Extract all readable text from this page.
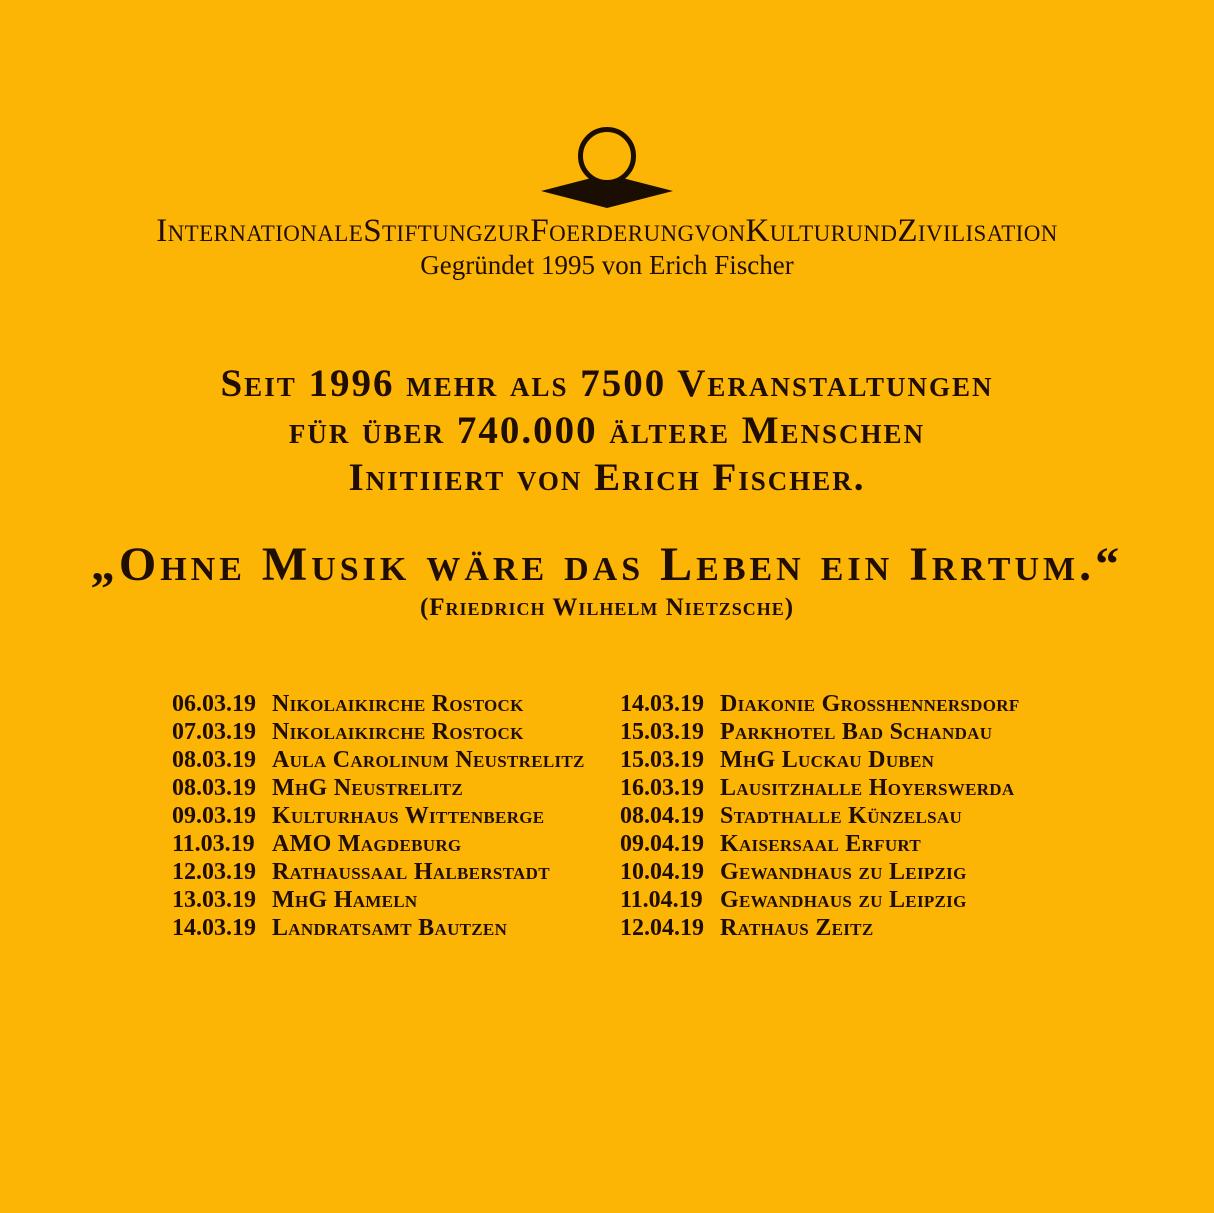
InternationaleStiftungzurFoerderungvonKulturundZivilisation
Gegründet 1995 von Erich Fischer
Seit 1996 mehr als 7500 Veranstaltungen
für über 740.000 ältere Menschen
Initiiert von Erich Fischer.
„Ohne Musik wäre das Leben ein Irrtum.“
(Friedrich Wilhelm Nietzsche)
06.03.19 Nikolaikirche Rostock	14.03.19 Diakonie Großhennersdorf
07.03.19 Nikolaikirche Rostock	15.03.19 Parkhotel Bad Schandau
08.03.19 Aula Carolinum Neustrelitz	15.03.19 MhG Luckau Duben
08.03.19 MhG Neustrelitz	16.03.19 Lausitzhalle Hoyerswerda
09.03.19 Kulturhaus Wittenberge	08.04.19 Stadthalle Künzelsau
11.03.19 AMO Magdeburg	09.04.19 Kaisersaal Erfurt
12.03.19 Rathaussaal Halberstadt	10.04.19 Gewandhaus zu Leipzig
13.03.19 MhG Hameln	11.04.19 Gewandhaus zu Leipzig
14.03.19 Landratsamt Bautzen	12.04.19 Rathaus Zeitz
